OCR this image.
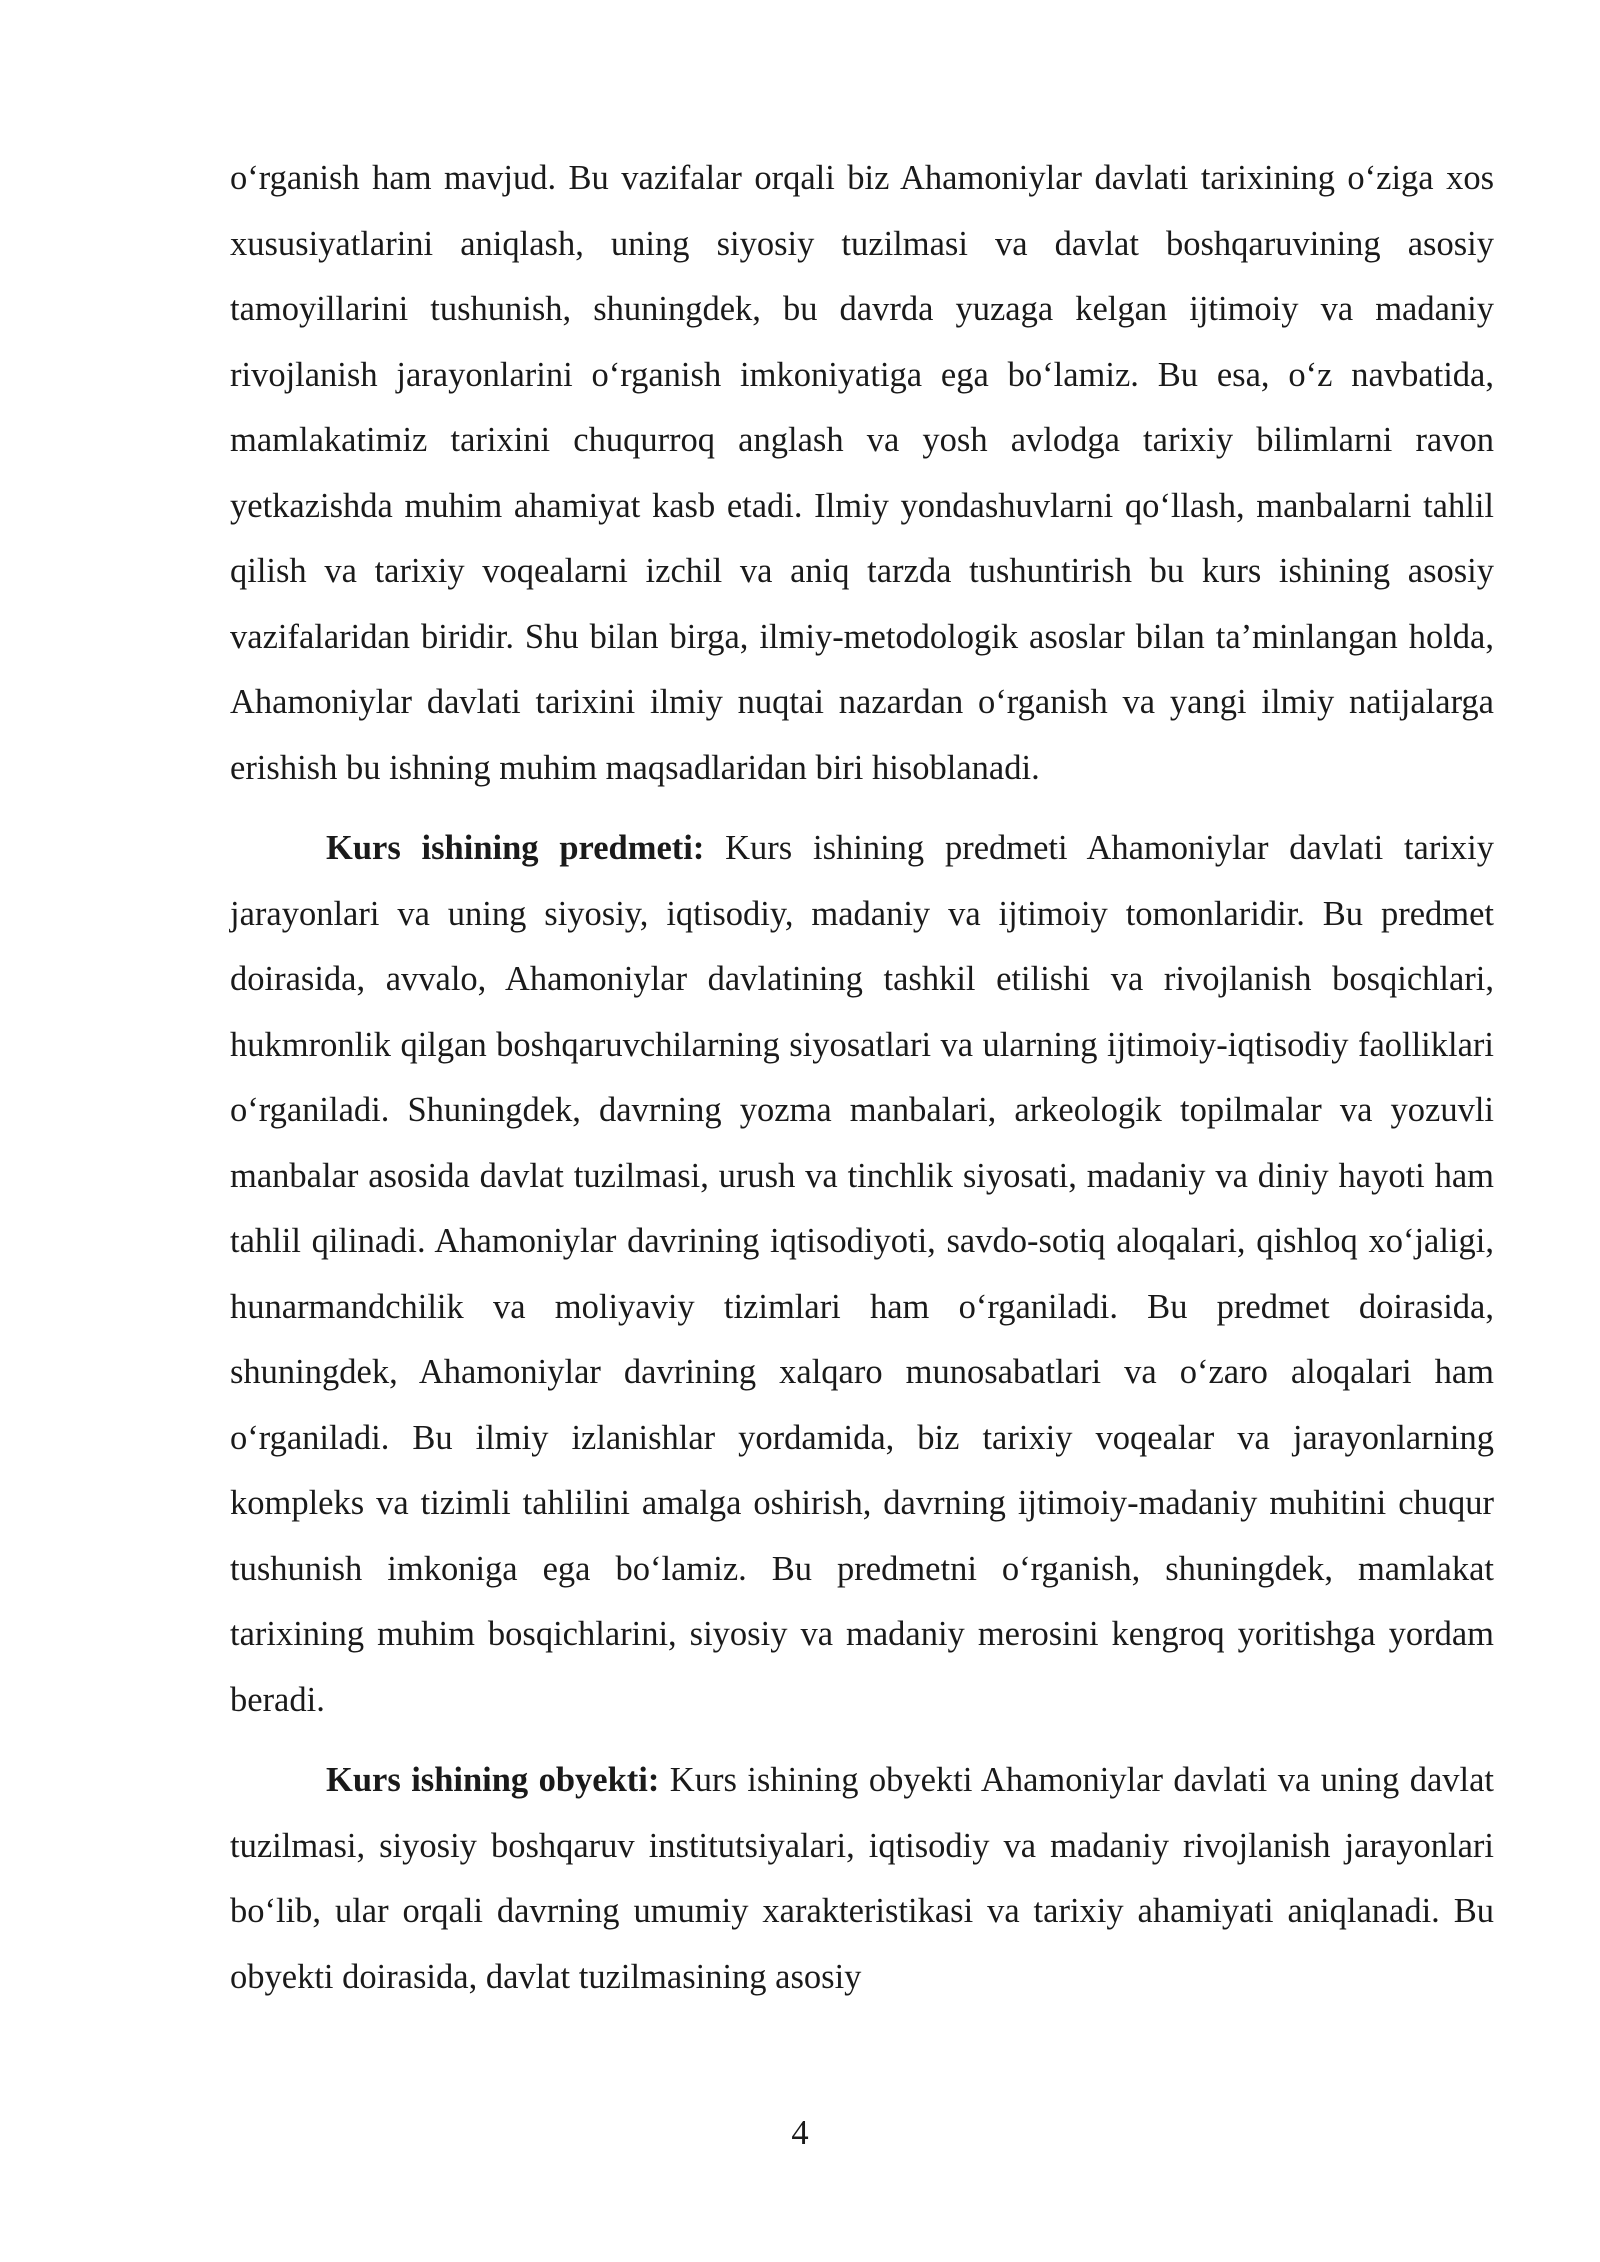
o‘rganish ham mavjud. Bu vazifalar orqali biz Ahamoniylar davlati tarixining o‘ziga xos xususiyatlarini aniqlash, uning siyosiy tuzilmasi va davlat boshqaruvining asosiy tamoyillarini tushunish, shuningdek, bu davrda yuzaga kelgan ijtimoiy va madaniy rivojlanish jarayonlarini o‘rganish imkoniyatiga ega bo‘lamiz. Bu esa, o‘z navbatida, mamlakatimiz tarixini chuqurroq anglash va yosh avlodga tarixiy bilimlarni ravon yetkazishda muhim ahamiyat kasb etadi. Ilmiy yondashuvlarni qo‘llash, manbalarni tahlil qilish va tarixiy voqealarni izchil va aniq tarzda tushuntirish bu kurs ishining asosiy vazifalaridan biridir. Shu bilan birga, ilmiy-metodologik asoslar bilan ta’minlangan holda, Ahamoniylar davlati tarixini ilmiy nuqtai nazardan o‘rganish va yangi ilmiy natijalarga erishish bu ishning muhim maqsadlaridan biri hisoblanadi.

Kurs ishining predmeti: Kurs ishining predmeti Ahamoniylar davlati tarixiy jarayonlari va uning siyosiy, iqtisodiy, madaniy va ijtimoiy tomonlaridir. Bu predmet doirasida, avvalo, Ahamoniylar davlatining tashkil etilishi va rivojlanish bosqichlari, hukmronlik qilgan boshqaruvchilarning siyosatlari va ularning ijtimoiy-iqtisodiy faolliklari o‘rganiladi. Shuningdek, davrning yozma manbalari, arkeologik topilmalar va yozuvli manbalar asosida davlat tuzilmasi, urush va tinchlik siyosati, madaniy va diniy hayoti ham tahlil qilinadi. Ahamoniylar davrining iqtisodiyoti, savdo-sotiq aloqalari, qishloq xo‘jaligi, hunarmandchilik va moliyaviy tizimlari ham o‘rganiladi. Bu predmet doirasida, shuningdek, Ahamoniylar davrining xalqaro munosabatlari va o‘zaro aloqalari ham o‘rganiladi. Bu ilmiy izlanishlar yordamida, biz tarixiy voqealar va jarayonlarning kompleks va tizimli tahlilini amalga oshirish, davrning ijtimoiy-madaniy muhitini chuqur tushunish imkoniga ega bo‘lamiz. Bu predmetni o‘rganish, shuningdek, mamlakat tarixining muhim bosqichlarini, siyosiy va madaniy merosini kengroq yoritishga yordam beradi.

Kurs ishining obyekti: Kurs ishining obyekti Ahamoniylar davlati va uning davlat tuzilmasi, siyosiy boshqaruv institutsiyalari, iqtisodiy va madaniy rivojlanish jarayonlari bo‘lib, ular orqali davrning umumiy xarakteristikasi va tarixiy ahamiyati aniqlanadi. Bu obyekti doirasida, davlat tuzilmasining asosiy

4
